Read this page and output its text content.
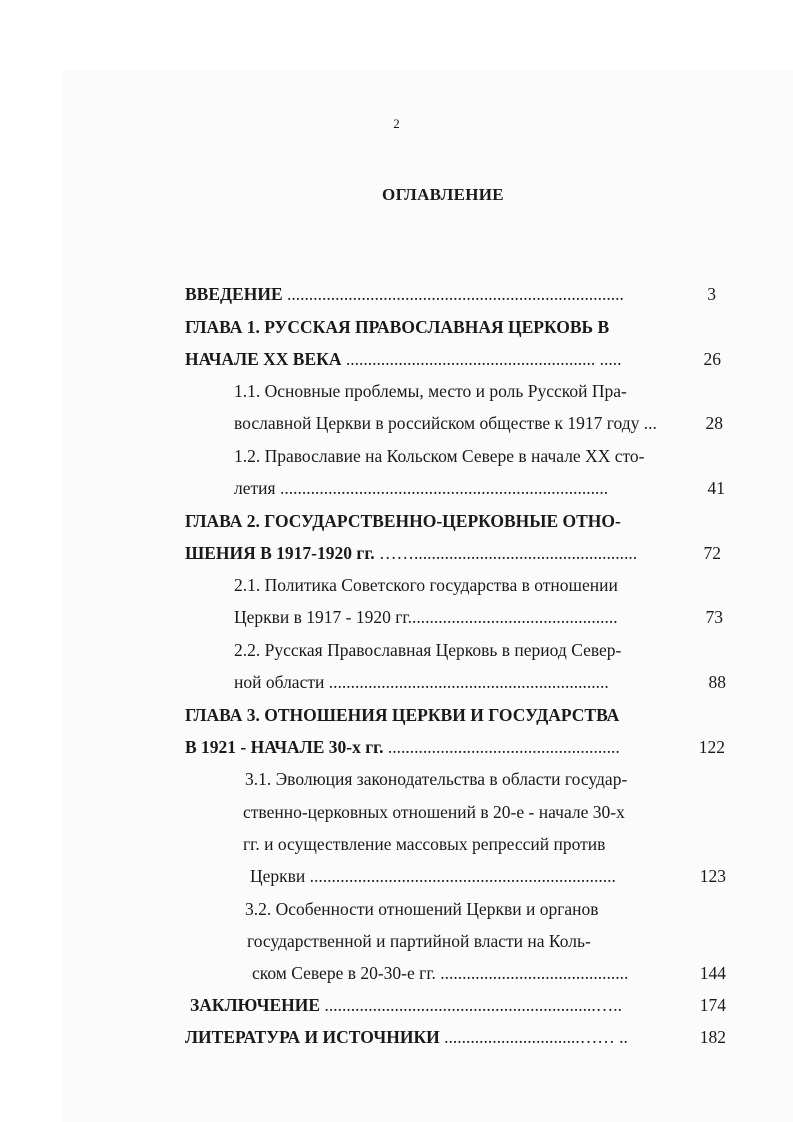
2
ОГЛАВЛЕНИЕ
ВВЕДЕНИЕ .............................................................................	3
ГЛАВА 1. РУССКАЯ ПРАВОСЛАВНАЯ ЦЕРКОВЬ В
НАЧАЛЕ XX ВЕКА ......................................................... .....	26
1.1. Основные проблемы, место и роль Русской Пра-
вославной Церкви в российском обществе к 1917 году ...	28
1.2. Православие на Кольском Севере в начале XX сто-
летия ...........................................................................	41
ГЛАВА 2. ГОСУДАРСТВЕННО-ЦЕРКОВНЫЕ ОТНО-
ШЕНИЯ В 1917-1920 гг. ……...................................................	72
2.1. Политика Советского государства в отношении
Церкви в 1917 - 1920 гг................................................	73
2.2. Русская Православная Церковь в период Север-
ной области ................................................................	88
ГЛАВА 3. ОТНОШЕНИЯ ЦЕРКВИ И ГОСУДАРСТВА
В 1921 - НАЧАЛЕ 30-х гг. .....................................................	122
3.1. Эволюция законодательства в области государ-
ственно-церковных отношений в 20-е - начале 30-х
гг. и осуществление массовых репрессий против
Церкви ......................................................................	123
3.2. Особенности отношений Церкви и органов
государственной и партийной власти на Коль-
ском Севере в 20-30-е гг. ...........................................	144
ЗАКЛЮЧЕНИЕ ..............................................................…..	174
ЛИТЕРАТУРА И ИСТОЧНИКИ ...............................…… ..	182
